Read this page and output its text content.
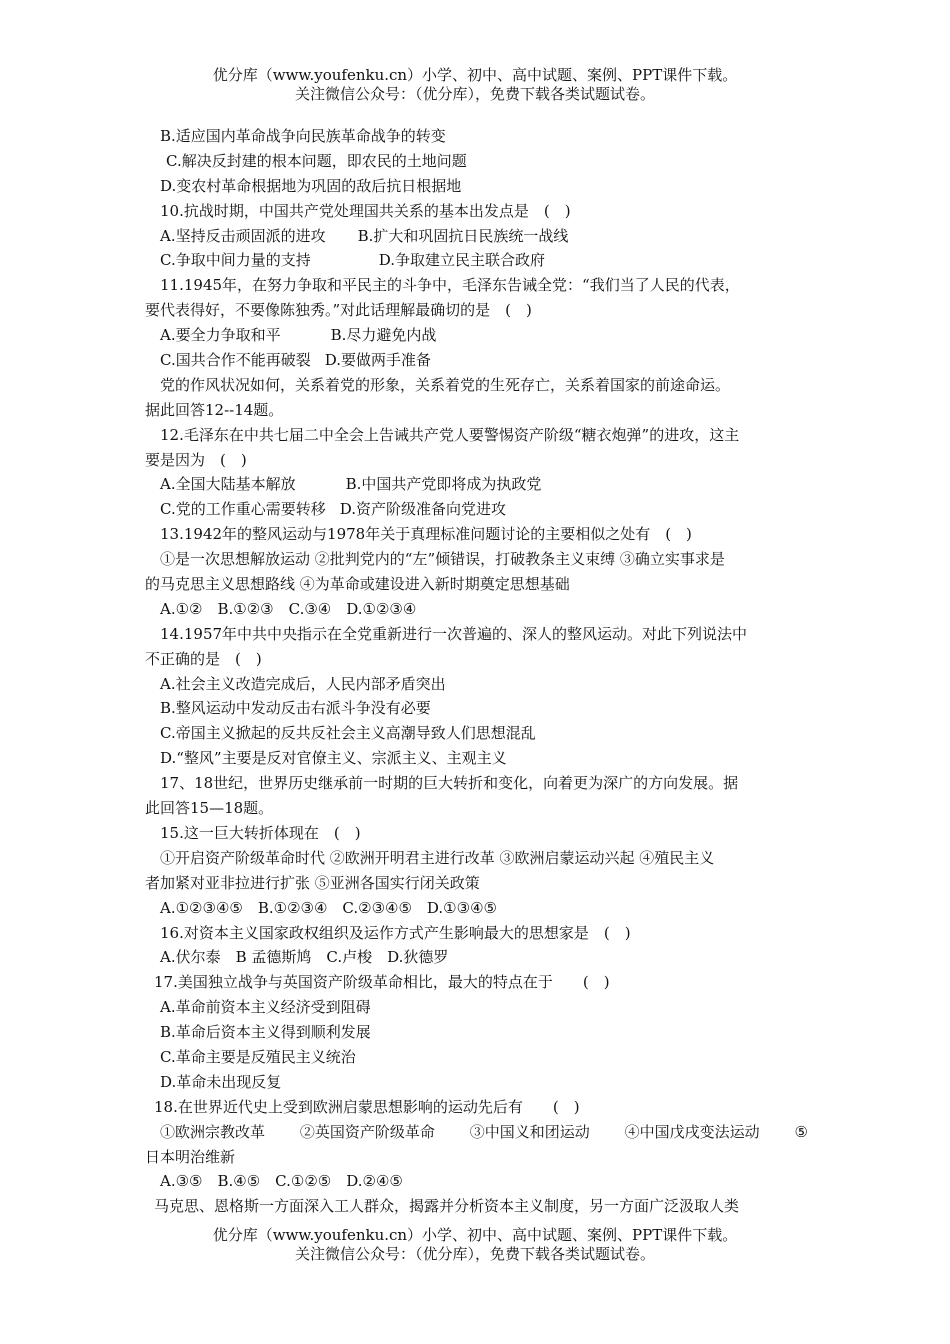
优分库（www.youfenku.cn）小学、初中、高中试题、案例、PPT课件下载。
关注微信公众号：（优分库），免费下载各类试题试卷。
B.适应国内革命战争向民族革命战争的转变
C.解决反封建的根本问题，即农民的土地问题
D.变农村革命根据地为巩固的敌后抗日根据地
10.抗战时期，中国共产党处理国共关系的基本出发点是　(　)
A.坚持反击顽固派的进攻 B.扩大和巩固抗日民族统一战线
C.争取中间力量的支持	D.争取建立民主联合政府
11.1945年，在努力争取和平民主的斗争中，毛泽东告诫全党：“我们当了人民的代表，
要代表得好，不要像陈独秀。”对此话理解最确切的是　(　)
A.要全力争取和平	B.尽力避免内战
C.国共合作不能再破裂 D.要做两手准备
党的作风状况如何，关系着党的形象，关系着党的生死存亡，关系着国家的前途命运。
据此回答12--14题。
12.毛泽东在中共七届二中全会上告诫共产党人要警惕资产阶级“糖衣炮弹”的进攻，这主
要是因为　(　)
A.全国大陆基本解放	B.中国共产党即将成为执政党
C.党的工作重心需要转移 D.资产阶级准备向党进攻
13.1942年的整风运动与1978年关于真理标准问题讨论的主要相似之处有　(　)
①是一次思想解放运动 ②批判党内的“左”倾错误，打破教条主义束缚 ③确立实事求是
的马克思主义思想路线 ④为革命或建设进入新时期奠定思想基础
A.①②　B.①②③　C.③④　D.①②③④
14.1957年中共中央指示在全党重新进行一次普遍的、深人的整风运动。对此下列说法中
不正确的是　(　)
A.社会主义改造完成后，人民内部矛盾突出
B.整风运动中发动反击右派斗争没有必要
C.帝国主义掀起的反共反社会主义高潮导致人们思想混乱
D.“整风”主要是反对官僚主义、宗派主义、主观主义
17、18世纪，世界历史继承前一时期的巨大转折和变化，向着更为深广的方向发展。据
此回答15—18题。
15.这一巨大转折体现在　(　)
①开启资产阶级革命时代 ②欧洲开明君主进行改革 ③欧洲启蒙运动兴起 ④殖民主义
者加紧对亚非拉进行扩张 ⑤亚洲各国实行闭关政策
A.①②③④⑤　B.①②③④　C.②③④⑤　D.①③④⑤
16.对资本主义国家政权组织及运作方式产生影响最大的思想家是　(　)
A.伏尔泰　B 孟德斯鸠　C.卢梭　D.狄德罗
17.美国独立战争与英国资产阶级革命相比，最大的特点在于　　(　)
A.革命前资本主义经济受到阻碍
B.革命后资本主义得到顺利发展
C.革命主要是反殖民主义统治
D.革命未出现反复
18.在世界近代史上受到欧洲启蒙思想影响的运动先后有　　(　)
①欧洲宗教改革 ②英国资产阶级革命 ③中国义和团运动 ④中国戊戌变法运动 ⑤
日本明治维新
A.③⑤　B.④⑤　C.①②⑤　D.②④⑤
马克思、恩格斯一方面深入工人群众，揭露并分析资本主义制度，另一方面广泛汲取人类
优分库（www.youfenku.cn）小学、初中、高中试题、案例、PPT课件下载。
关注微信公众号：（优分库），免费下载各类试题试卷。
